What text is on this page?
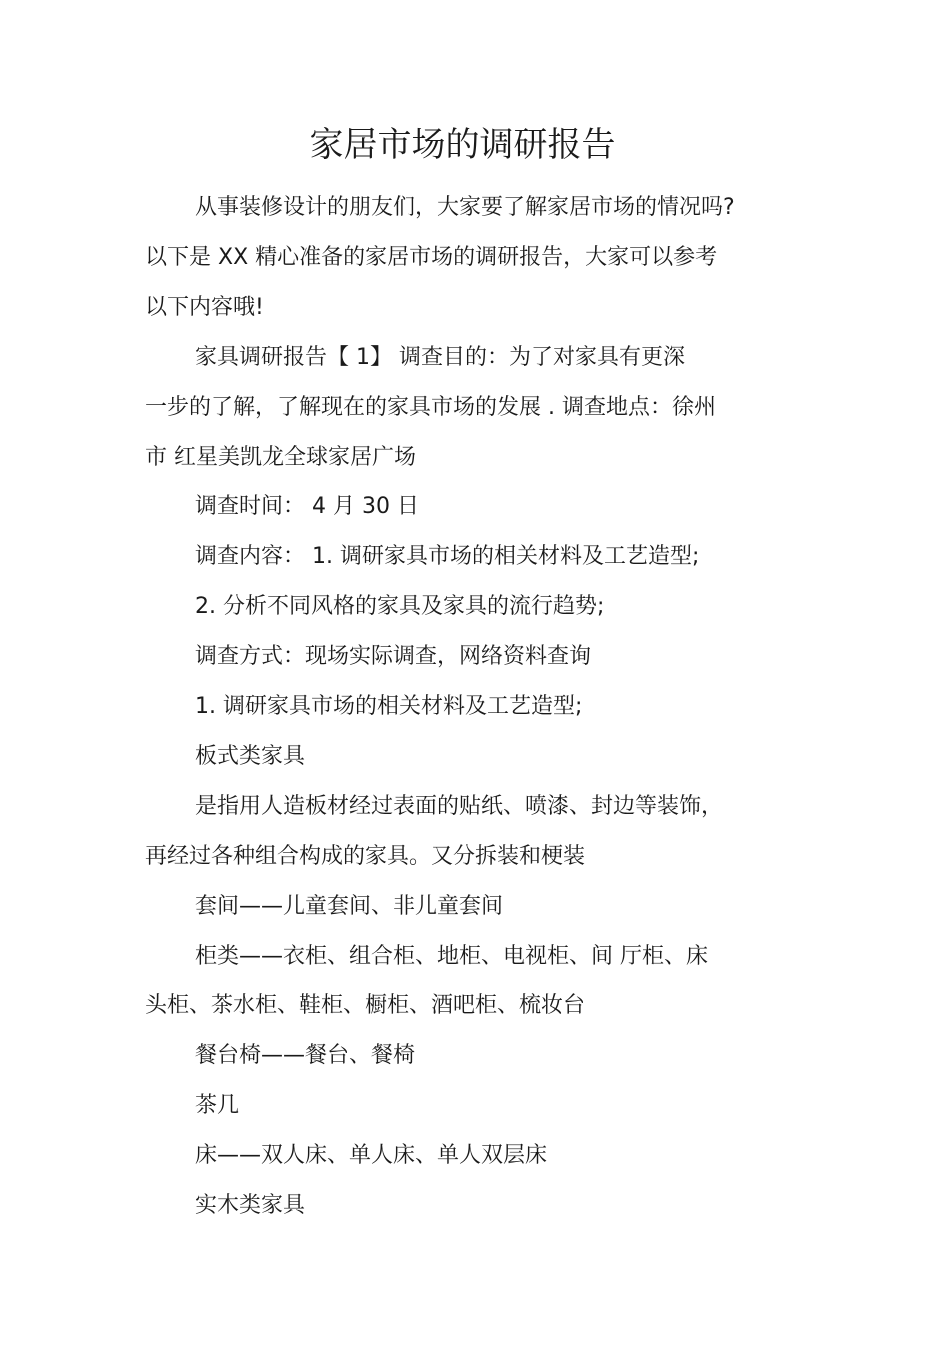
家居市场的调研报告
从事装修设计的朋友们，大家要了解家居市场的情况吗?
以下是 XX 精心准备的家居市场的调研报告，大家可以参考
以下内容哦!
家具调研报告【 1】 调查目的：为了对家具有更深
一步的了解，了解现在的家具市场的发展 . 调查地点：徐州
市 红星美凯龙全球家居广场
调查时间： 4 月 30 日
调查内容： 1. 调研家具市场的相关材料及工艺造型;
2. 分析不同风格的家具及家具的流行趋势;
调查方式：现场实际调查，网络资料查询
1. 调研家具市场的相关材料及工艺造型;
板式类家具
是指用人造板材经过表面的贴纸、喷漆、封边等装饰，
再经过各种组合构成的家具。又分拆装和梗装
套间——儿童套间、非儿童套间
柜类——衣柜、组合柜、地柜、电视柜、间 厅柜、床
头柜、茶水柜、鞋柜、橱柜、酒吧柜、梳妆台
餐台椅——餐台、餐椅
茶几
床——双人床、单人床、单人双层床
实木类家具
